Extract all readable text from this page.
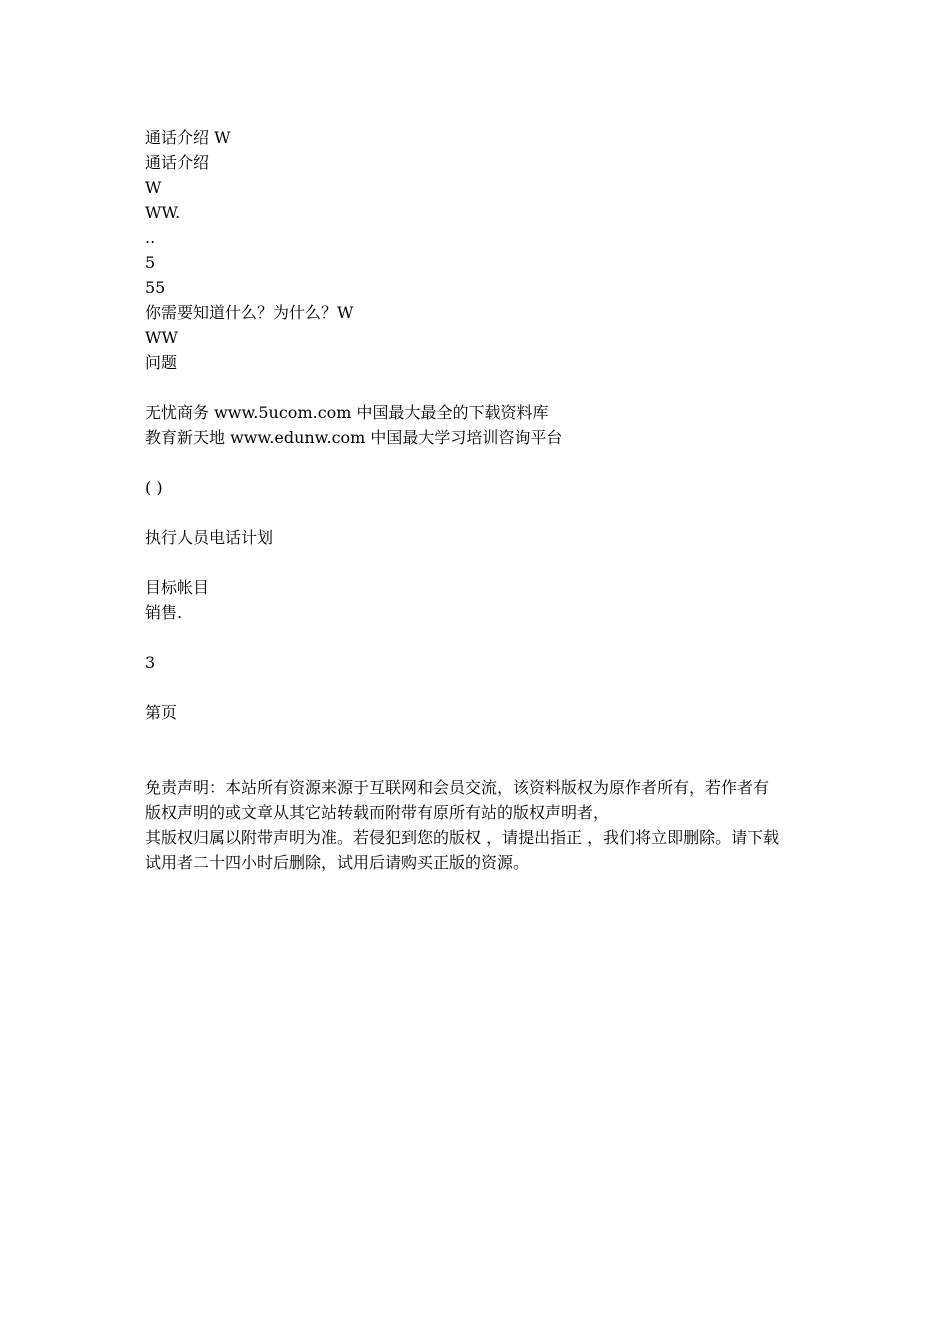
通话介绍 W
通话介绍
W
WW.
..
5
55
你需要知道什么？为什么？W
WW
问题
无忧商务 www.5ucom.com 中国最大最全的下载资料库
教育新天地 www.edunw.com 中国最大学习培训咨询平台
( )
执行人员电话计划
目标帐目
销售.
3
第页
免责声明：本站所有资源来源于互联网和会员交流，该资料版权为原作者所有，若作者有
版权声明的或文章从其它站转载而附带有原所有站的版权声明者，
其版权归属以附带声明为准。若侵犯到您的版权 ，请提出指正 ，我们将立即删除。请下载
试用者二十四小时后删除，试用后请购买正版的资源。
